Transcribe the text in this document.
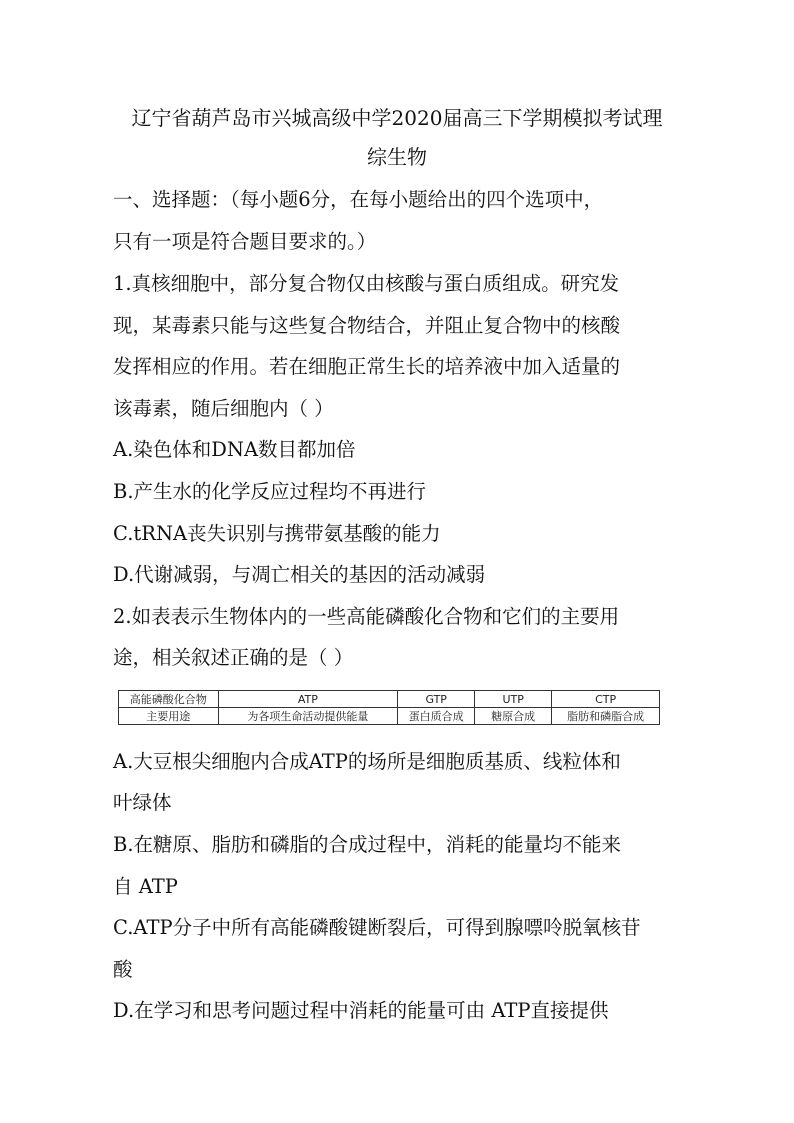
辽宁省葫芦岛市兴城高级中学2020届高三下学期模拟考试理
综生物
一、选择题：（每小题6分，在每小题给出的四个选项中，
只有一项是符合题目要求的。）
1.真核细胞中，部分复合物仅由核酸与蛋白质组成。研究发
现，某毒素只能与这些复合物结合，并阻止复合物中的核酸
发挥相应的作用。若在细胞正常生长的培养液中加入适量的
该毒素，随后细胞内（ ）
A.染色体和DNA数目都加倍
B.产生水的化学反应过程均不再进行
C.tRNA丧失识别与携带氨基酸的能力
D.代谢减弱，与凋亡相关的基因的活动减弱
2.如表表示生物体内的一些高能磷酸化合物和它们的主要用
途，相关叙述正确的是（ ）
高能磷酸化合物	ATP	GTP	UTP	CTP
主要用途	为各项生命活动提供能量	蛋白质合成	糖原合成	脂肪和磷脂合成
A.大豆根尖细胞内合成ATP的场所是细胞质基质、线粒体和
叶绿体
B.在糖原、脂肪和磷脂的合成过程中，消耗的能量均不能来
自 ATP
C.ATP分子中所有高能磷酸键断裂后，可得到腺嘌呤脱氧核苷
酸
D.在学习和思考问题过程中消耗的能量可由 ATP直接提供
